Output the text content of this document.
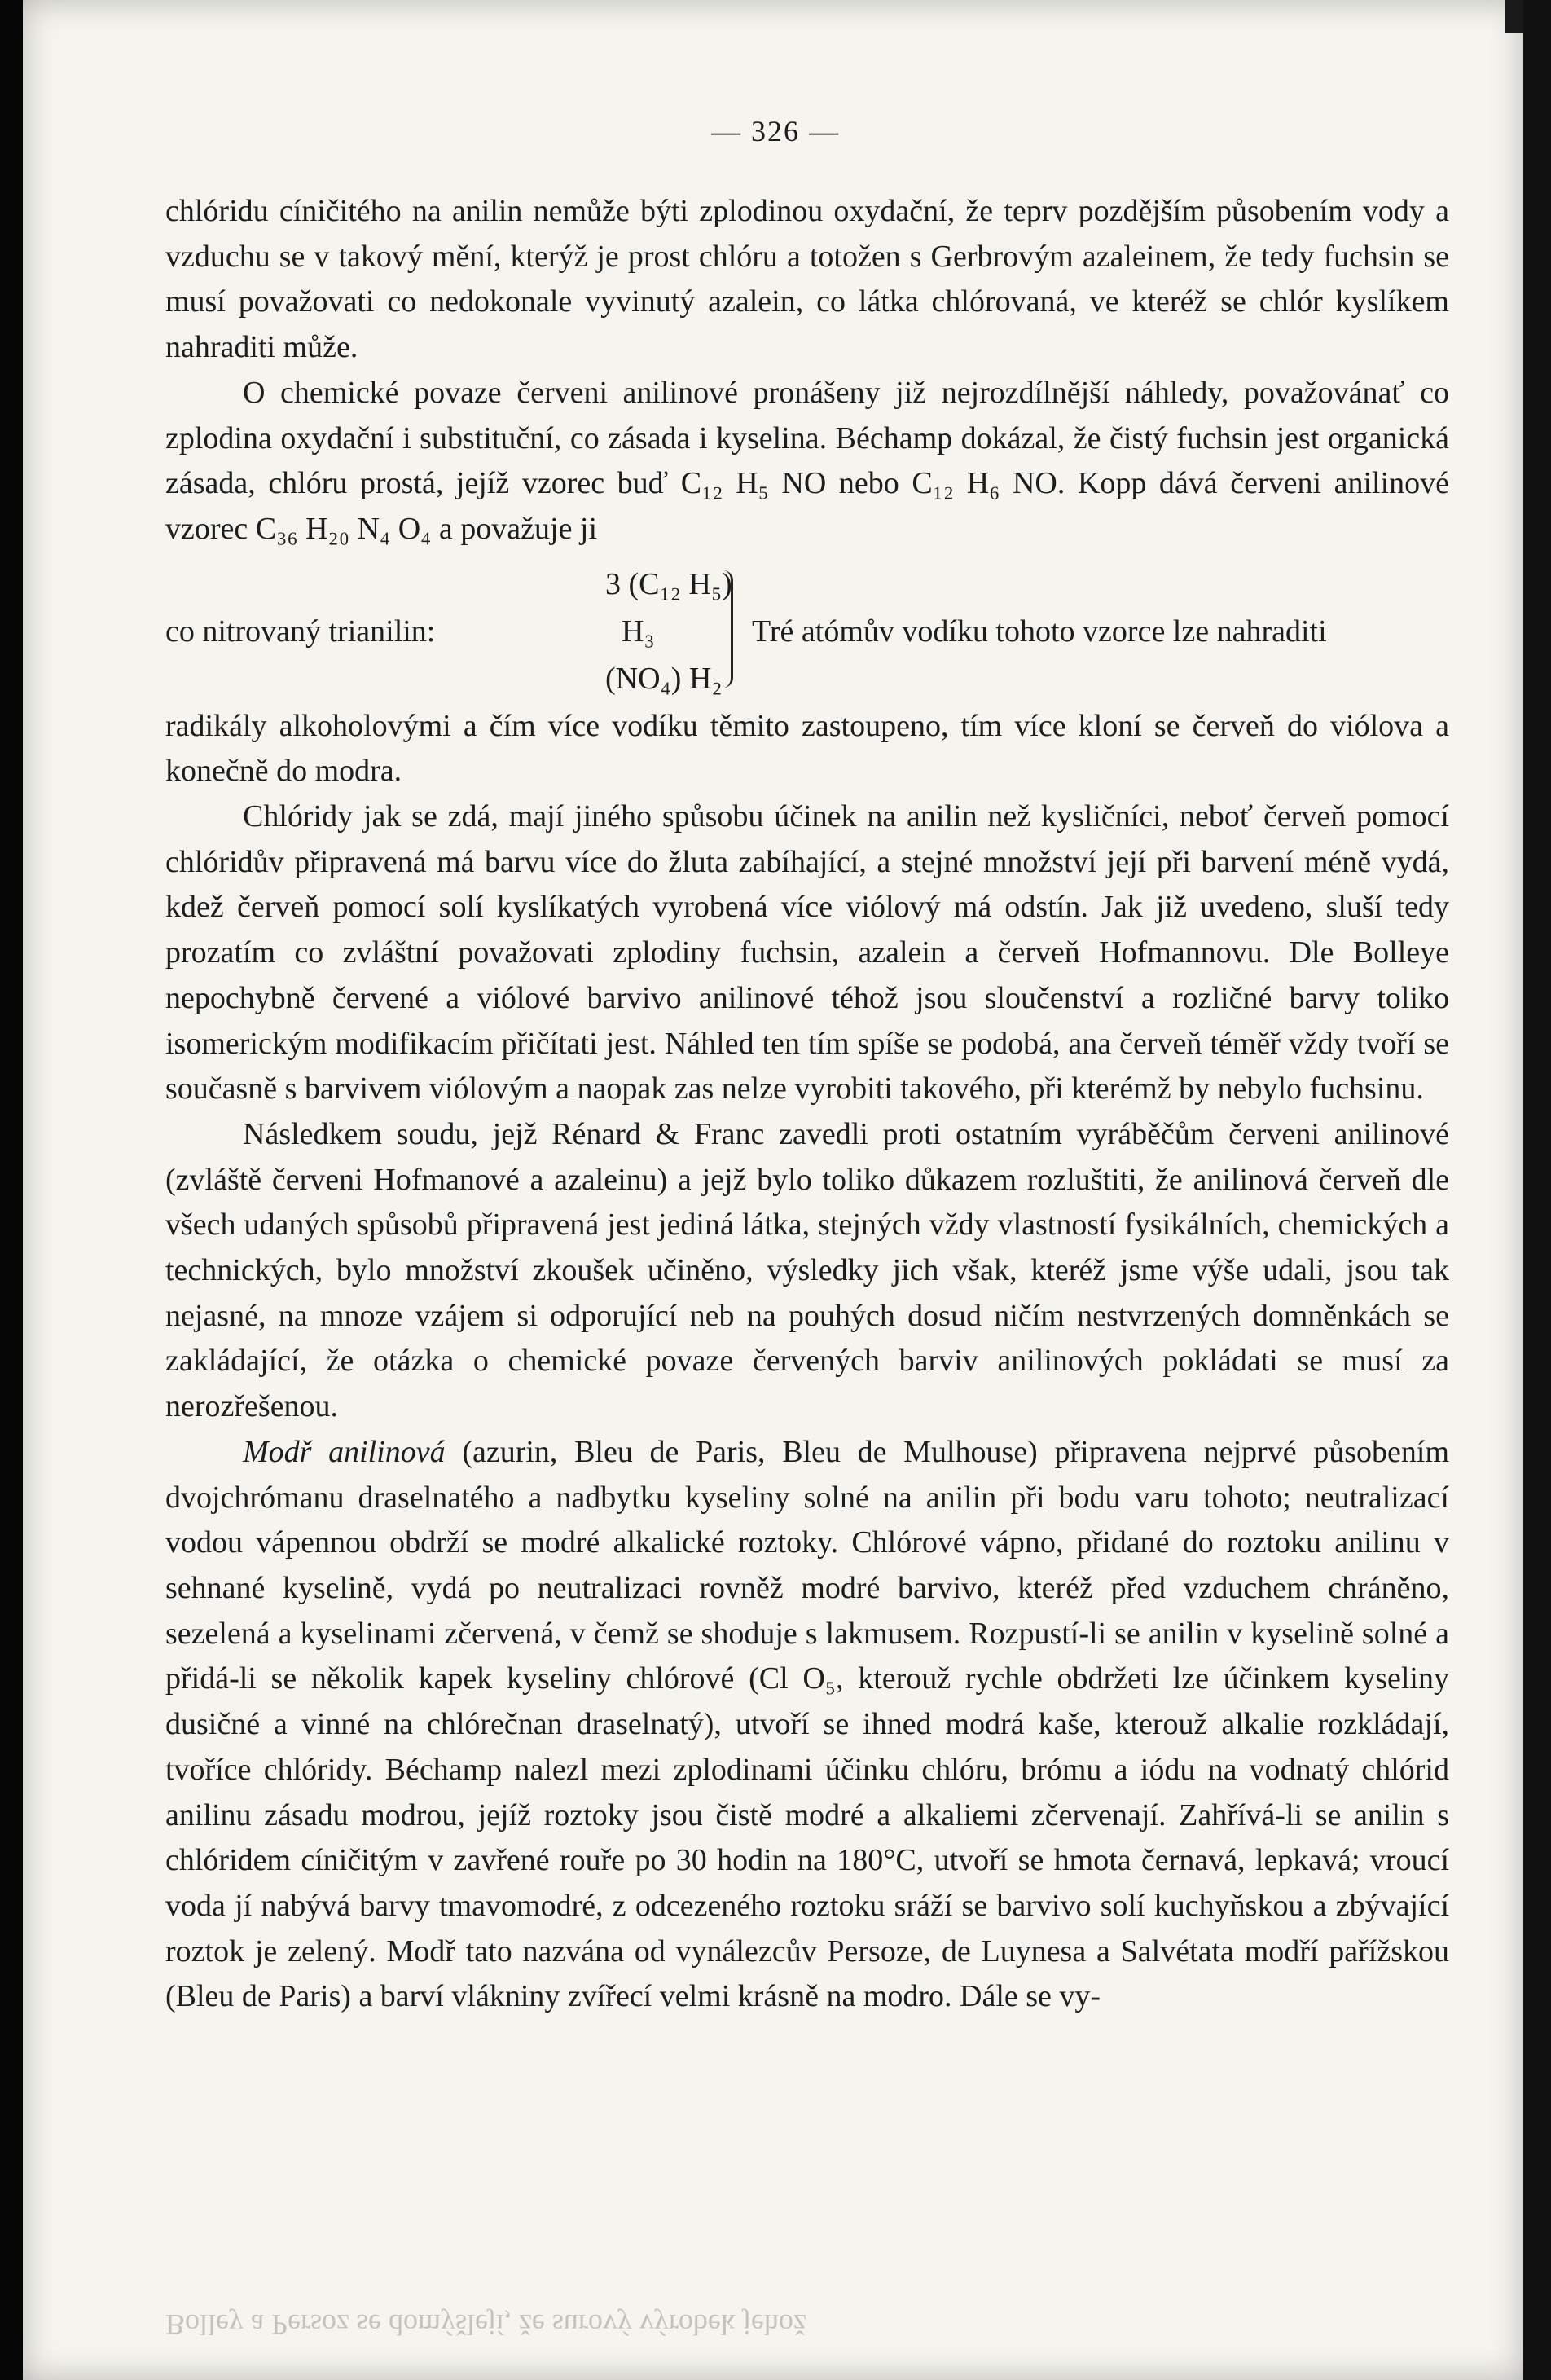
— 326 —

chlóridu cíničitého na anilin nemůže býti zplodinou oxydační, že teprv pozdějším působením vody a vzduchu se v takový mění, kterýž je prost chlóru a totožen s Gerbrovým azaleinem, že tedy fuchsin se musí považovati co nedokonale vyvinutý azalein, co látka chlórovaná, ve kteréž se chlór kyslíkem nahraditi může.

O chemické povaze červeni anilinové pronášeny již nejrozdílnější náhledy, považovánať co zplodina oxydační i substituční, co zásada i kyselina. Béchamp dokázal, že čistý fuchsin jest organická zásada, chlóru prostá, jejíž vzorec buď C₁₂ H₅ NO nebo C₁₂ H₆ NO. Kopp dává červeni anilinové vzorec C₃₆ H₂₀ N₄ O₄ a považuje ji

co nitrovaný trianilin:
3 (C₁₂ H₅)
H₃
(NO₄) H₂
Tré atómův vodíku tohoto vzorce lze nahraditi

radikály alkoholovými a čím více vodíku těmito zastoupeno, tím více kloní se červeň do viólova a konečně do modra.

Chlóridy jak se zdá, mají jiného spůsobu účinek na anilin než kysličníci, neboť červeň pomocí chlóridův připravená má barvu více do žluta zabíhající, a stejné množství její při barvení méně vydá, kdež červeň pomocí solí kyslíkatých vyrobená více viólový má odstín. Jak již uvedeno, sluší tedy prozatím co zvláštní považovati zplodiny fuchsin, azalein a červeň Hofmannovu. Dle Bolleye nepochybně červené a viólové barvivo anilinové téhož jsou sloučenství a rozličné barvy toliko isomerickým modifikacím přičítati jest. Náhled ten tím spíše se podobá, ana červeň téměř vždy tvoří se současně s barvivem viólovým a naopak zas nelze vyrobiti takového, při kterémž by nebylo fuchsinu.

Následkem soudu, jejž Rénard & Franc zavedli proti ostatním vyráběčům červeni anilinové (zvláště červeni Hofmanové a azaleinu) a jejž bylo toliko důkazem rozluštiti, že anilinová červeň dle všech udaných spůsobů připravená jest jediná látka, stejných vždy vlastností fysikálních, chemických a technických, bylo množství zkoušek učiněno, výsledky jich však, kteréž jsme výše udali, jsou tak nejasné, na mnoze vzájem si odporující neb na pouhých dosud ničím nestvrzených domněnkách se zakládající, že otázka o chemické povaze červených barviv anilinových pokládati se musí za nerozřešenou.

Modř anilinová (azurin, Bleu de Paris, Bleu de Mulhouse) připravena nejprvé působením dvojchrómanu draselnatého a nadbytku kyseliny solné na anilin při bodu varu tohoto; neutralizací vodou vápennou obdrží se modré alkalické roztoky. Chlórové vápno, přidané do roztoku anilinu v sehnané kyselině, vydá po neutralizaci rovněž modré barvivo, kteréž před vzduchem chráněno, sezelená a kyselinami zčervená, v čemž se shoduje s lakmusem. Rozpustí-li se anilin v kyselině solné a přidá-li se několik kapek kyseliny chlórové (Cl O₅, kterouž rychle obdržeti lze účinkem kyseliny dusičné a vinné na chlórečnan draselnatý), utvoří se ihned modrá kaše, kterouž alkalie rozkládají, tvoříce chlóridy. Béchamp nalezl mezi zplodinami účinku chlóru, brómu a iódu na vodnatý chlórid anilinu zásadu modrou, jejíž roztoky jsou čistě modré a alkaliemi zčervenají. Zahřívá-li se anilin s chlóridem cíničitým v zavřené rouře po 30 hodin na 180°C, utvoří se hmota černavá, lepkavá; vroucí voda jí nabývá barvy tmavomodré, z odcezeného roztoku sráží se barvivo solí kuchyňskou a zbývající roztok je zelený. Modř tato nazvána od vynálezcův Persoze, de Luynesa a Salvétata modří pařížskou (Bleu de Paris) a barví vlákniny zvířecí velmi krásně na modro. Dále se vy-

Bolley a Persoz se domýšlejí, že surový výrobek jehož
